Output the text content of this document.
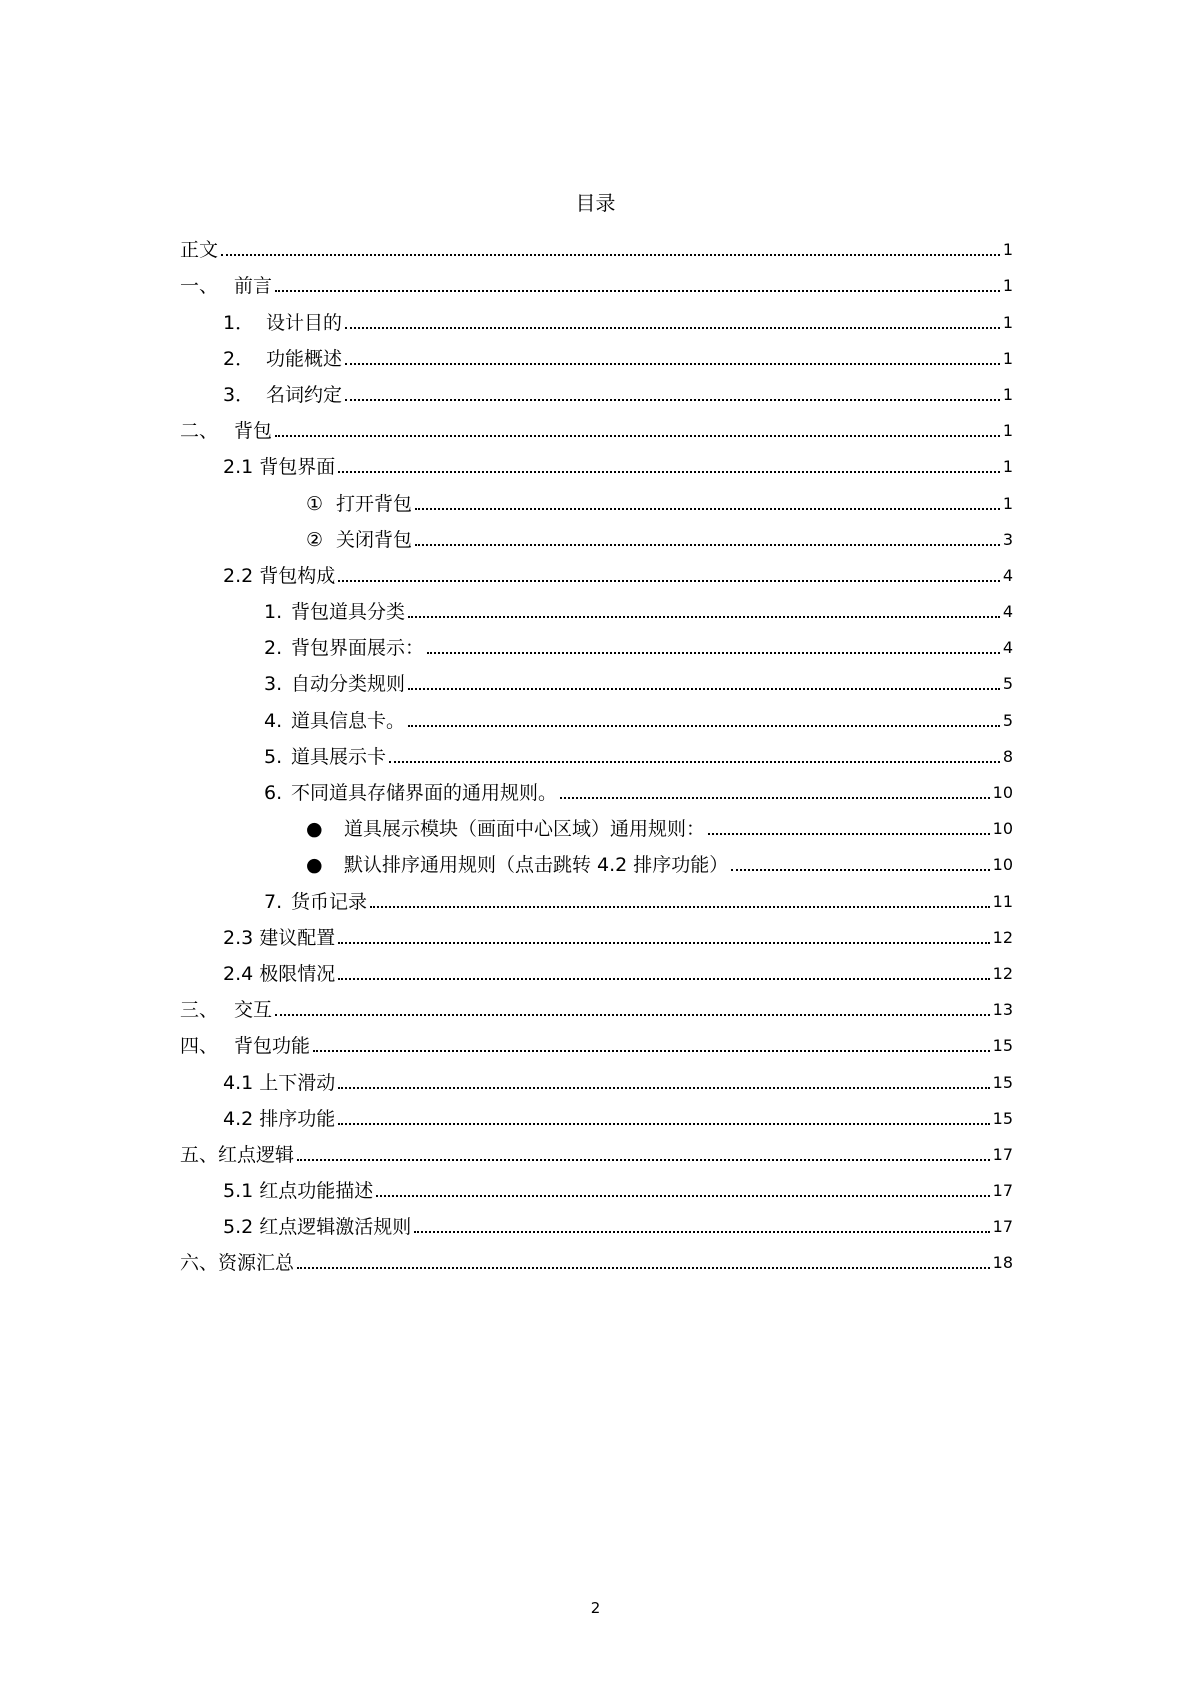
目录
正文	1
一、 前言	1
1． 设计目的	1
2． 功能概述	1
3． 名词约定	1
二、 背包	1
2.1 背包界面	1
① 打开背包	1
② 关闭背包	3
2.2 背包构成	4
1. 背包道具分类	4
2. 背包界面展示：	4
3. 自动分类规则	5
4. 道具信息卡。	5
5. 道具展示卡	8
6. 不同道具存储界面的通用规则。	10
●	道具展示模块（画面中心区域）通用规则：	10
●	默认排序通用规则（点击跳转 4.2 排序功能）	10
7. 货币记录	11
2.3 建议配置	12
2.4 极限情况	12
三、 交互	13
四、 背包功能	15
4.1 上下滑动	15
4.2 排序功能	15
五、红点逻辑	17
5.1 红点功能描述	17
5.2 红点逻辑激活规则	17
六、资源汇总	18
2
